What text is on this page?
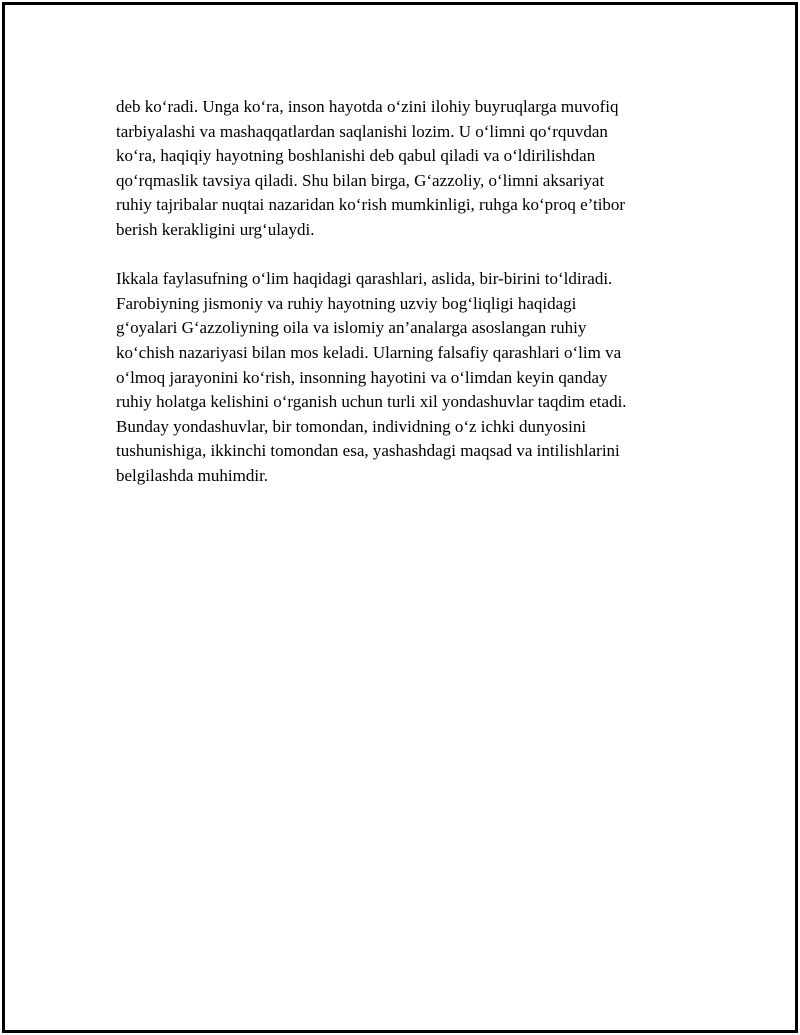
deb ko‘radi. Unga ko‘ra, inson hayotda o‘zini ilohiy buyruqlarga muvofiq
tarbiyalashi va mashaqqatlardan saqlanishi lozim. U o‘limni qo‘rquvdan
ko‘ra, haqiqiy hayotning boshlanishi deb qabul qiladi va o‘ldirilishdan
qo‘rqmaslik tavsiya qiladi. Shu bilan birga, G‘azzoliy, o‘limni aksariyat
ruhiy tajribalar nuqtai nazaridan ko‘rish mumkinligi, ruhga ko‘proq e’tibor
berish kerakligini urg‘ulaydi.

Ikkala faylasufning o‘lim haqidagi qarashlari, aslida, bir-birini to‘ldiradi.
Farobiyning jismoniy va ruhiy hayotning uzviy bog‘liqligi haqidagi
g‘oyalari G‘azzoliyning oila va islomiy an’analarga asoslangan ruhiy
ko‘chish nazariyasi bilan mos keladi. Ularning falsafiy qarashlari o‘lim va
o‘lmoq jarayonini ko‘rish, insonning hayotini va o‘limdan keyin qanday
ruhiy holatga kelishini o‘rganish uchun turli xil yondashuvlar taqdim etadi.
Bunday yondashuvlar, bir tomondan, individning o‘z ichki dunyosini
tushunishiga, ikkinchi tomondan esa, yashashdagi maqsad va intilishlarini
belgilashda muhimdir.
